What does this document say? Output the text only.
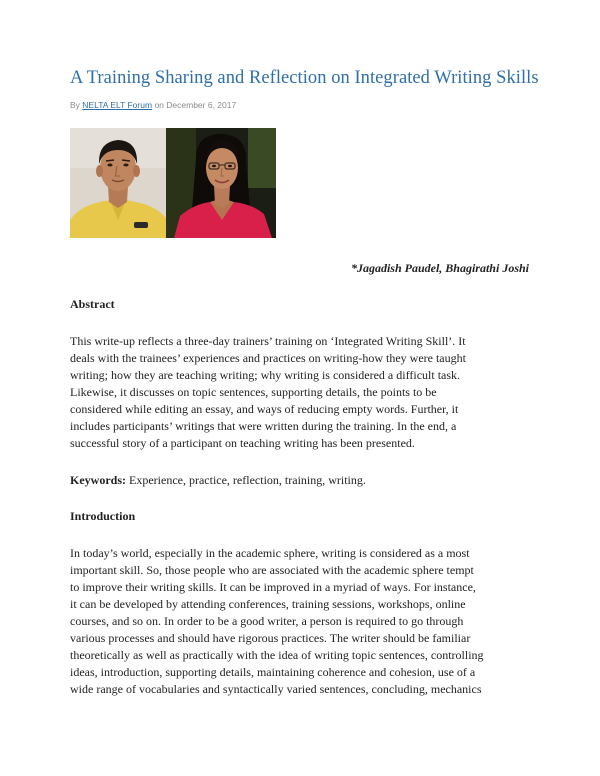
A Training Sharing and Reflection on Integrated Writing Skills
By NELTA ELT Forum on December 6, 2017
*Jagadish Paudel, Bhagirathi Joshi
Abstract

This write-up reflects a three-day trainers’ training on ‘Integrated Writing Skill’. It
deals with the trainees’ experiences and practices on writing-how they were taught
writing; how they are teaching writing; why writing is considered a difficult task.
Likewise, it discusses on topic sentences, supporting details, the points to be
considered while editing an essay, and ways of reducing empty words. Further, it
includes participants’ writings that were written during the training. In the end, a
successful story of a participant on teaching writing has been presented.

Keywords: Experience, practice, reflection, training, writing.
Introduction

In today’s world, especially in the academic sphere, writing is considered as a most
important skill. So, those people who are associated with the academic sphere tempt
to improve their writing skills. It can be improved in a myriad of ways. For instance,
it can be developed by attending conferences, training sessions, workshops, online
courses, and so on. In order to be a good writer, a person is required to go through
various processes and should have rigorous practices. The writer should be familiar
theoretically as well as practically with the idea of writing topic sentences, controlling
ideas, introduction, supporting details, maintaining coherence and cohesion, use of a
wide range of vocabularies and syntactically varied sentences, concluding, mechanics
